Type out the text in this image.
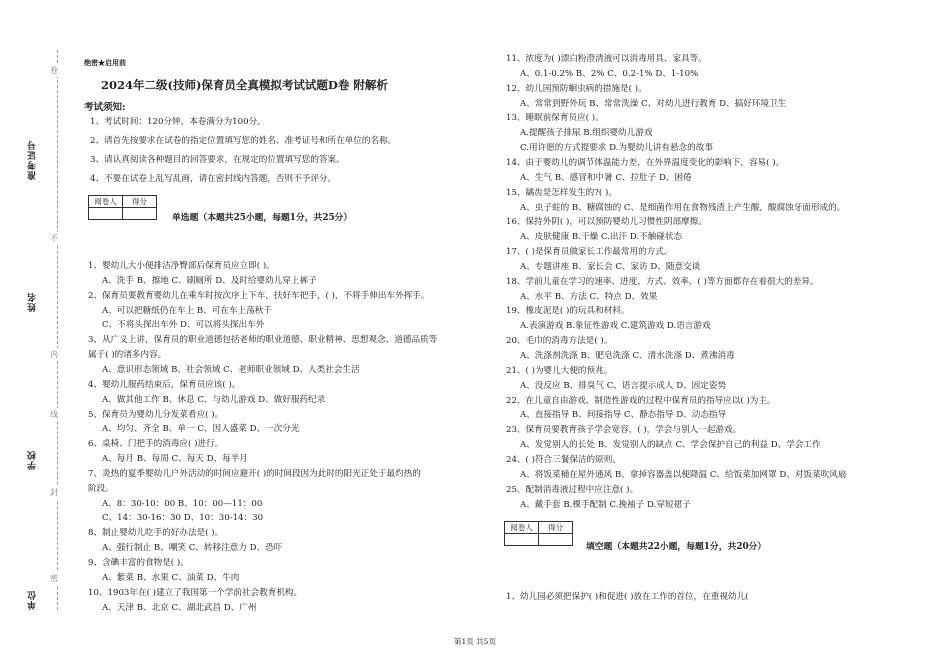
准考证号
姓名
学校
单位
卷
不
内
线
封
密
绝密★启用前
2024年二级(技师)保育员全真模拟考试试题D卷 附解析
考试须知:
1、考试时间：120分钟，本卷满分为100分。
2、请首先按要求在试卷的指定位置填写您的姓名、准考证号和所在单位的名称。
3、请认真阅读各种题目的回答要求，在规定的位置填写您的答案。
4、不要在试卷上乱写乱画，请在密封线内答题，否则不予评分。
阅卷人	得分

单选题（本题共25小题，每题1分，共25分）
1、婴幼儿大小便排洁净臀部后保育员应立即( )。
A、洗手 B、擦地 C、刷厕所 D、及时给婴幼儿穿上裤子
2、保育员要教育婴幼儿在乘车时按次序上下车，扶好车把手，( )，不将手伸出车外挥手。
A、可以把糖纸仍在车上 B、可在车上荡秋千
C、不将头探出车外 D、可以将头探出车外
3、从广义上讲，保育员的职业道德包括老师的职业道德、职业精神、思想观念、道德品质等
属于( )的诸多内容。
A、意识形态领域 B、社会领域 C、老师职业领域 D、人类社会生活
4、婴幼儿服药结束后，保育员应该( )。
A、做其他工作 B、休息 C、与幼儿游戏 D、做好服药纪录
5、保育员为婴幼儿分发菜肴应( )。
A、均匀、齐全 B、单一 C、因人盛菜 D、一次分光
6、桌椅、门把手的消毒应( )进行。
A、每月 B、每周 C、每天 D、每半月
7、炎热的夏季婴幼儿户外活动的时间应避开( )的时间段因为此时的阳光正处于最灼热的
阶段。
A、8：30-10：00 B、10：00—11：00
C、14：30-16：30 D、10：30-14：30
8、制止婴幼儿吃手的好办法是( )。
A、强行制止 B、嘲笑 C、转移注意力 D、恐吓
9、含碘丰富的食物是( )。
A、紫菜 B、水果 C、油菜 D、牛肉
10、1903年在( )建立了我国第一个学前社会教育机构。
A、天津 B、北京 C、湖北武昌 D、广州
11、浓度为( )漂白粉澄清液可以消毒用具、家具等。
A、0.1-0.2% B、2% C、0.2-1% D、1-10%
12、幼儿园预防蛔虫病的措施是( )。
A、常常到野外玩 B、常常洗澡 C、对幼儿进行教育 D、搞好环境卫生
13、睡眠前保育员应( )。
A.提醒孩子排尿 B.组织婴幼儿游戏
C.用许愿的方式提要求 D.为婴幼儿讲有悬念的故事
14、由于婴幼儿的调节体温能力差，在外界温度变化的影响下，容易( )。
A、生气 B、感冒和中暑 C、拉肚子 D、困倦
15、龋齿是怎样发生的?( )。
A、虫子蛀的 B、糖腐蚀的 C、是细菌作用在食物残渣上产生酸，酸腐蚀牙面形成的。
16、保持外阴( )，可以预防婴幼儿习惯性阴部摩擦。
A、皮肤健康 B.干燥 C.出汗 D.不触碰状态
17、( )是保育员做家长工作最常用的方式。
A、专题讲座 B、家长会 C、家访 D、随意交谈
18、学前儿童在学习的速率、进度、方式、效率、( )等方面都存在着很大的差异。
A、水平 B、方法 C、特点 D、效果
19、橡皮泥是( )的玩具和材料。
A.表演游戏 B.象征性游戏 C.建筑游戏 D.语言游戏
20、毛巾的消毒方法是( )。
A、洗涤剂洗涤 B、肥皂洗涤 C、清水洗涤 D、煮沸消毒
21、( )为婴儿大便的预兆。
A、没反应 B、排臭气 C、语言提示成人 D、固定姿势
22、在儿童自由游戏、制造性游戏的过程中保育员的指导应以( )为主。
A、直接指导 B、间接指导 C、静态指导 D、动态指导
23、保育员要教育孩子学会宽容，( )，学会与别人一起游戏。
A、发觉别人的长处 B、发觉别人的缺点 C、学会保护自己的利益 D、学会工作
24、( )符合三餐保洁的原则。
A、将饭菜桶在屋外通风 B、拿掉容器盖以便降温 C、给饭菜加网罩 D、对饭菜吹风扇
25、配制消毒液过程中应注意( )。
A、戴手套 B.棵手配制 C.挽袖子 D.穿短裙子
阅卷人	得分

填空题（本题共22小题，每题1分，共20分）
1、幼儿园必须把保护( )和促进( )放在工作的首位，在重视幼儿(
第1页 共5页
